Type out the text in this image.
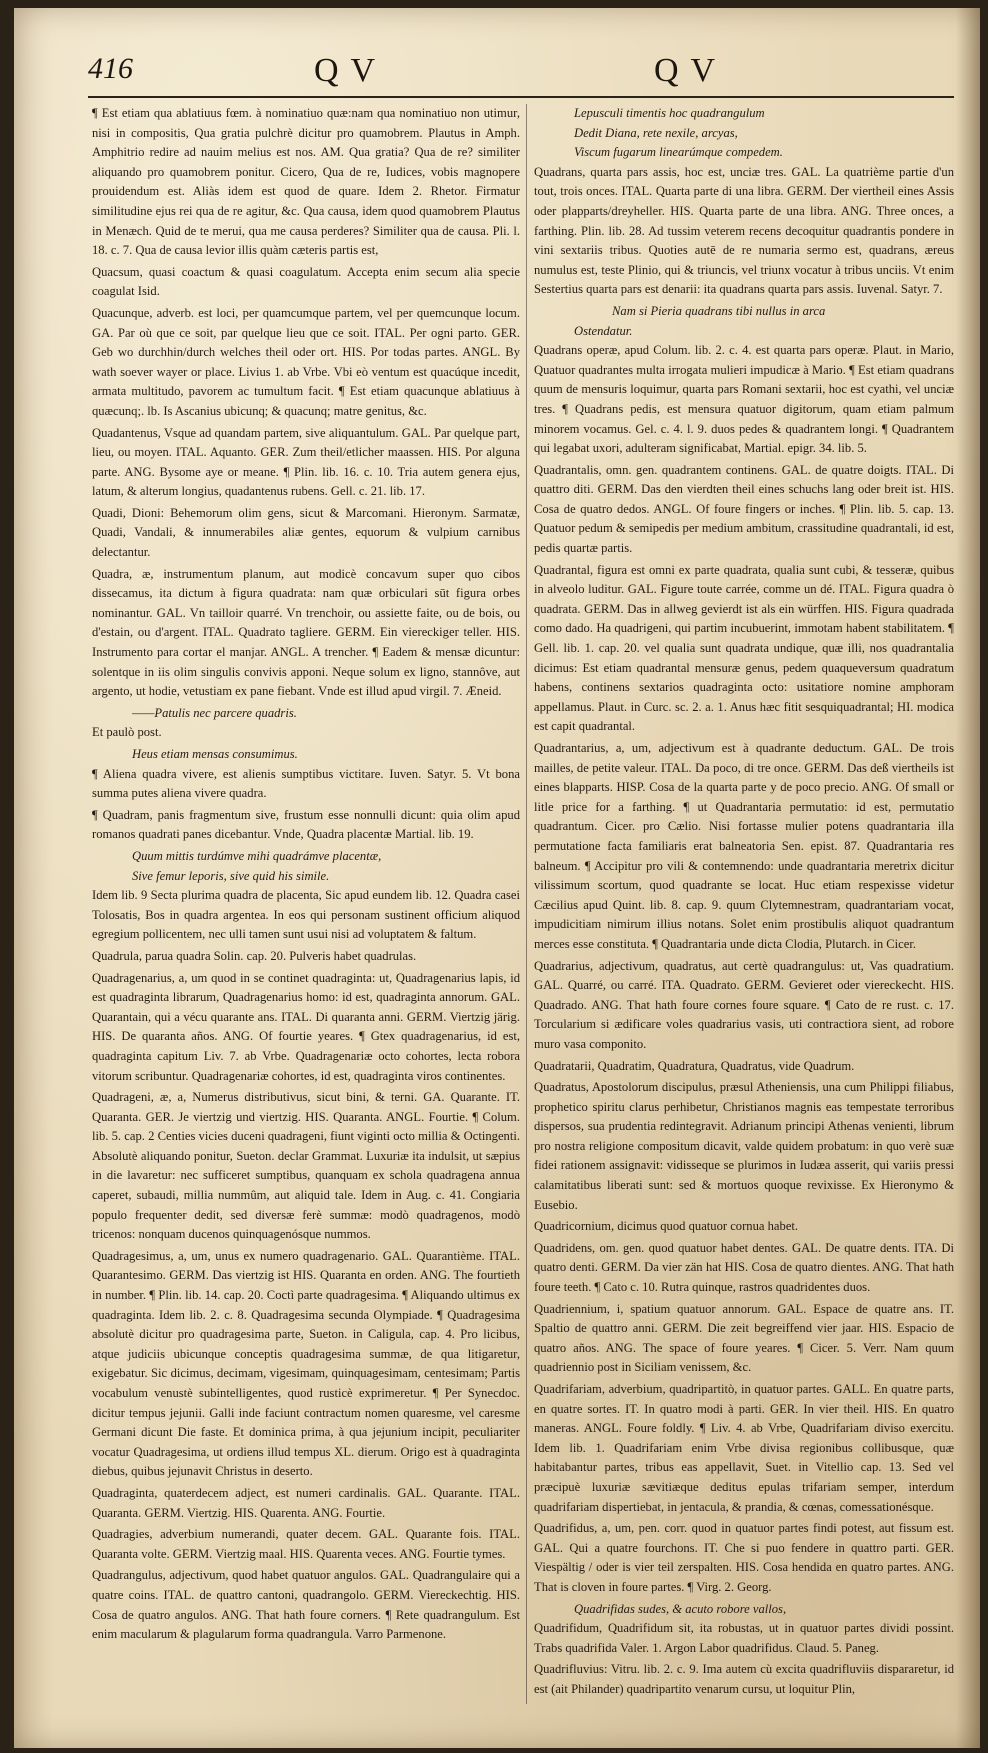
416	Q V	Q V

¶ Est etiam qua ablatiuus fœm. à nominatiuo quæ:nam qua nominatiuo non utimur, nisi in compositis, Qua gratia pulchrè dicitur pro quamobrem. Plautus in Amph. Amphitrio redire ad nauim melius est nos. AM. Qua gratia? Qua de re? similiter aliquando pro quamobrem ponitur. Cicero, Qua de re, Iudices, vobis magnopere prouidendum est. Aliàs idem est quod de quare. Idem 2. Rhetor. Firmatur similitudine ejus rei qua de re agitur, &c. Qua causa, idem quod quamobrem Plautus in Menæch. Quid de te merui, qua me causa perderes? Similiter qua de causa. Pli. l. 18. c. 7. Qua de causa levior illis quàm cæteris partis est,

Quacsum, quasi coactum & quasi coagulatum. Accepta enim secum alia specie coagulat Isid.

Quacunque, adverb. est loci, per quamcumque partem, vel per quemcunque locum. GA. Par où que ce soit, par quelque lieu que ce soit. ITAL. Per ogni parto. GER. Geb wo durchhin/durch welches theil oder ort. HIS. Por todas partes. ANGL. By wath soever wayer or place. Livius 1. ab Vrbe. Vbi eò ventum est quacúque incedit, armata multitudo, pavorem ac tumultum facit. ¶ Est etiam quacunque ablatiuus à quæcunq;. lb. Is Ascanius ubicunq; & quacunq; matre genitus, &c.

Quadantenus, Vsque ad quandam partem, sive aliquantulum. GAL. Par quelque part, lieu, ou moyen. ITAL. Aquanto. GER. Zum theil/etlicher maassen. HIS. Por alguna parte. ANG. Bysome aye or meane. ¶ Plin. lib. 16. c. 10. Tria autem genera ejus, latum, & alterum longius, quadantenus rubens. Gell. c. 21. lib. 17.

Quadi, Dioni: Behemorum olim gens, sicut & Marcomani. Hieronym. Sarmatæ, Quadi, Vandali, & innumerabiles aliæ gentes, equorum & vulpium carnibus delectantur.

Quadra, æ, instrumentum planum, aut modicè concavum super quo cibos dissecamus, ita dictum à figura quadrata: nam quæ orbiculari sūt figura orbes nominantur. GAL. Vn tailloir quarré. Vn trenchoir, ou assiette faite, ou de bois, ou d'estain, ou d'argent. ITAL. Quadrato tagliere. GERM. Ein viereckiger teller. HIS. Instrumento para cortar el manjar. ANGL. A trencher. ¶ Eadem & mensæ dicuntur: solentque in iis olim singulis convivis apponi. Neque solum ex ligno, stannôve, aut argento, ut hodie, vetustiam ex pane fiebant. Vnde est illud apud virgil. 7. Æneid.

——Patulis nec parcere quadris.

Et paulò post.

Heus etiam mensas consumimus.

¶ Aliena quadra vivere, est alienis sumptibus victitare. Iuven. Satyr. 5. Vt bona summa putes aliena vivere quadra.

¶ Quadram, panis fragmentum sive, frustum esse nonnulli dicunt: quia olim apud romanos quadrati panes dicebantur. Vnde, Quadra placentæ Martial. lib. 19.

Quum mittis turdúmve mihi quadrámve placentæ,

Sive femur leporis, sive quid his simile.

Idem lib. 9 Secta plurima quadra de placenta, Sic apud eundem lib. 12. Quadra casei Tolosatis, Bos in quadra argentea. In eos qui personam sustinent officium aliquod egregium pollicentem, nec ulli tamen sunt usui nisi ad voluptatem & faltum.

Quadrula, parua quadra Solin. cap. 20. Pulveris habet quadrulas.

Quadragenarius, a, um quod in se continet quadraginta: ut, Quadragenarius lapis, id est quadraginta librarum, Quadragenarius homo: id est, quadraginta annorum. GAL. Quarantain, qui a vécu quarante ans. ITAL. Di quaranta anni. GERM. Viertzig järig. HIS. De quaranta años. ANG. Of fourtie yeares. ¶ Gtex quadragenarius, id est, quadraginta capitum Liv. 7. ab Vrbe. Quadragenariæ octo cohortes, lecta robora vitorum scribuntur. Quadragenariæ cohortes, id est, quadraginta viros continentes.

Quadrageni, æ, a, Numerus distributivus, sicut bini, & terni. GA. Quarante. IT. Quaranta. GER. Je viertzig und viertzig. HIS. Quaranta. ANGL. Fourtie. ¶ Colum. lib. 5. cap. 2 Centies vicies duceni quadrageni, fiunt viginti octo millia & Octingenti. Absolutè aliquando ponitur, Sueton. declar Grammat. Luxuriæ ita indulsit, ut sæpius in die lavaretur: nec sufficeret sumptibus, quanquam ex schola quadragena annua caperet, subaudi, millia nummûm, aut aliquid tale. Idem in Aug. c. 41. Congiaria populo frequenter dedit, sed diversæ ferè summæ: modò quadragenos, modò tricenos: nonquam ducenos quinquagenósque nummos.

Quadragesimus, a, um, unus ex numero quadragenario. GAL. Quarantième. ITAL. Quarantesimo. GERM. Das viertzig ist HIS. Quaranta en orden. ANG. The fourtieth in number. ¶ Plin. lib. 14. cap. 20. Coctì parte quadragesima. ¶ Aliquando ultimus ex quadraginta. Idem lib. 2. c. 8. Quadragesima secunda Olympiade. ¶ Quadragesima absolutè dicitur pro quadragesima parte, Sueton. in Caligula, cap. 4. Pro licibus, atque judiciis ubicunque conceptis quadragesima summæ, de qua litigaretur, exigebatur. Sic dicimus, decimam, vigesimam, quinquagesimam, centesimam; Partis vocabulum venustè subintelligentes, quod rusticè exprimeretur. ¶ Per Synecdoc. dicitur tempus jejunii. Galli inde faciunt contractum nomen quaresme, vel caresme Germani dicunt Die faste. Et dominica prima, à qua jejunium incipit, peculiariter vocatur Quadragesima, ut ordiens illud tempus XL. dierum. Origo est à quadraginta diebus, quibus jejunavit Christus in deserto.

Quadraginta, quaterdecem adject, est numeri cardinalis. GAL. Quarante. ITAL. Quaranta. GERM. Viertzig. HIS. Quarenta. ANG. Fourtie.

Quadragies, adverbium numerandi, quater decem. GAL. Quarante fois. ITAL. Quaranta volte. GERM. Viertzig maal. HIS. Quarenta veces. ANG. Fourtie tymes.

Quadrangulus, adjectivum, quod habet quatuor angulos. GAL. Quadrangulaire qui a quatre coins. ITAL. de quattro cantoni, quadrangolo. GERM. Viereckechtig. HIS. Cosa de quatro angulos. ANG. That hath foure corners. ¶ Rete quadrangulum. Est enim macularum & plagularum forma quadrangula. Varro Parmenone.

Lepusculi timentis hoc quadrangulum

Dedit Diana, rete nexile, arcyas,

Viscum fugarum linearúmque compedem.

Quadrans, quarta pars assis, hoc est, unciæ tres. GAL. La quatrième partie d'un tout, trois onces. ITAL. Quarta parte di una libra. GERM. Der viertheil eines Assis oder plapparts/dreyheller. HIS. Quarta parte de una libra. ANG. Three onces, a farthing. Plin. lib. 28. Ad tussim veterem recens decoquitur quadrantis pondere in vini sextariis tribus. Quoties autē de re numaria sermo est, quadrans, æreus numulus est, teste Plinio, qui & triuncis, vel triunx vocatur à tribus unciis. Vt enim Sestertius quarta pars est denarii: ita quadrans quarta pars assis. Iuvenal. Satyr. 7.

Nam si Pieria quadrans tibi nullus in arca

Ostendatur.

Quadrans operæ, apud Colum. lib. 2. c. 4. est quarta pars operæ. Plaut. in Mario, Quatuor quadrantes multa irrogata mulieri impudicæ à Mario. ¶ Est etiam quadrans quum de mensuris loquimur, quarta pars Romani sextarii, hoc est cyathi, vel unciæ tres. ¶ Quadrans pedis, est mensura quatuor digitorum, quam etiam palmum minorem vocamus. Gel. c. 4. l. 9. duos pedes & quadrantem longi. ¶ Quadrantem qui legabat uxori, adulteram significabat, Martial. epigr. 34. lib. 5.

Quadrantalis, omn. gen. quadrantem continens. GAL. de quatre doigts. ITAL. Di quattro diti. GERM. Das den vierdten theil eines schuchs lang oder breit ist. HIS. Cosa de quatro dedos. ANGL. Of foure fingers or inches. ¶ Plin. lib. 5. cap. 13. Quatuor pedum & semipedis per medium ambitum, crassitudine quadrantali, id est, pedis quartæ partis.

Quadrantal, figura est omni ex parte quadrata, qualia sunt cubi, & tesseræ, quibus in alveolo luditur. GAL. Figure toute carrée, comme un dé. ITAL. Figura quadra ò quadrata. GERM. Das in allweg gevierdt ist als ein würffen. HIS. Figura quadrada como dado. Ha quadrigeni, qui partim incubuerint, immotam habent stabilitatem. ¶ Gell. lib. 1. cap. 20. vel qualia sunt quadrata undique, quæ illi, nos quadrantalia dicimus: Est etiam quadrantal mensuræ genus, pedem quaqueversum quadratum habens, continens sextarios quadraginta octo: usitatiore nomine amphoram appellamus. Plaut. in Curc. sc. 2. a. 1. Anus hæc fitit sesquiquadrantal; HI. modica est capit quadrantal.

Quadrantarius, a, um, adjectivum est à quadrante deductum. GAL. De trois mailles, de petite valeur. ITAL. Da poco, di tre once. GERM. Das deß viertheils ist eines blapparts. HISP. Cosa de la quarta parte y de poco precio. ANG. Of small or litle price for a farthing. ¶ ut Quadrantaria permutatio: id est, permutatio quadrantum. Cicer. pro Cælio. Nisi fortasse mulier potens quadrantaria illa permutatione facta familiaris erat balneatoria Sen. epist. 87. Quadrantaria res balneum. ¶ Accipitur pro vili & contemnendo: unde quadrantaria meretrix dicitur vilissimum scortum, quod quadrante se locat. Huc etiam respexisse videtur Cæcilius apud Quint. lib. 8. cap. 9. quum Clytemnestram, quadrantariam vocat, impudicitiam nimirum illius notans. Solet enim prostibulis aliquot quadrantum merces esse constituta. ¶ Quadrantaria unde dicta Clodia, Plutarch. in Cicer.

Quadrarius, adjectivum, quadratus, aut certè quadrangulus: ut, Vas quadratium. GAL. Quarré, ou carré. ITA. Quadrato. GERM. Gevieret oder viereckecht. HIS. Quadrado. ANG. That hath foure cornes foure square. ¶ Cato de re rust. c. 17. Torcularium si ædificare voles quadrarius vasis, uti contractiora sient, ad robore muro vasa componito.

Quadratarii, Quadratim, Quadratura, Quadratus, vide Quadrum.

Quadratus, Apostolorum discipulus, præsul Atheniensis, una cum Philippi filiabus, prophetico spiritu clarus perhibetur, Christianos magnis eas tempestate terroribus dispersos, sua prudentia redintegravit. Adrianum principi Athenas venienti, librum pro nostra religione compositum dicavit, valde quidem probatum: in quo verè suæ fidei rationem assignavit: vidisseque se plurimos in Iudæa asserit, qui variis pressi calamitatibus liberati sunt: sed & mortuos quoque revixisse. Ex Hieronymo & Eusebio.

Quadricornium, dicimus quod quatuor cornua habet.

Quadridens, om. gen. quod quatuor habet dentes. GAL. De quatre dents. ITA. Di quatro denti. GERM. Da vier zän hat HIS. Cosa de quatro dientes. ANG. That hath foure teeth. ¶ Cato c. 10. Rutra quinque, rastros quadridentes duos.

Quadriennium, i, spatium quatuor annorum. GAL. Espace de quatre ans. IT. Spaltio de quattro anni. GERM. Die zeit begreiffend vier jaar. HIS. Espacio de quatro años. ANG. The space of foure yeares. ¶ Cicer. 5. Verr. Nam quum quadriennio post in Siciliam venissem, &c.

Quadrifariam, adverbium, quadripartitò, in quatuor partes. GALL. En quatre parts, en quatre sortes. IT. In quatro modi à parti. GER. In vier theil. HIS. En quatro maneras. ANGL. Foure foldly. ¶ Liv. 4. ab Vrbe, Quadrifariam diviso exercitu. Idem lib. 1. Quadrifariam enim Vrbe divisa regionibus collibusque, quæ habitabantur partes, tribus eas appellavit, Suet. in Vitellio cap. 13. Sed vel præcipuè luxuriæ sævitiæque deditus epulas trifariam semper, interdum quadrifariam dispertiebat, in jentacula, & prandia, & cœnas, comessationésque.

Quadrifidus, a, um, pen. corr. quod in quatuor partes findi potest, aut fissum est. GAL. Qui a quatre fourchons. IT. Che si puo fendere in quattro parti. GER. Viespältig / oder is vier teil zerspalten. HIS. Cosa hendida en quatro partes. ANG. That is cloven in foure partes. ¶ Virg. 2. Georg.

Quadrifidas sudes, & acuto robore vallos,

Quadrifidum, Quadrifidum sit, ita robustas, ut in quatuor partes dividi possint. Trabs quadrifida Valer. 1. Argon Labor quadrifidus. Claud. 5. Paneg.

Quadrifluvius: Vitru. lib. 2. c. 9. Ima autem cù excita quadrifluviis dispararetur, id est (ait Philander) quadripartito venarum cursu, ut loquitur Plin,
